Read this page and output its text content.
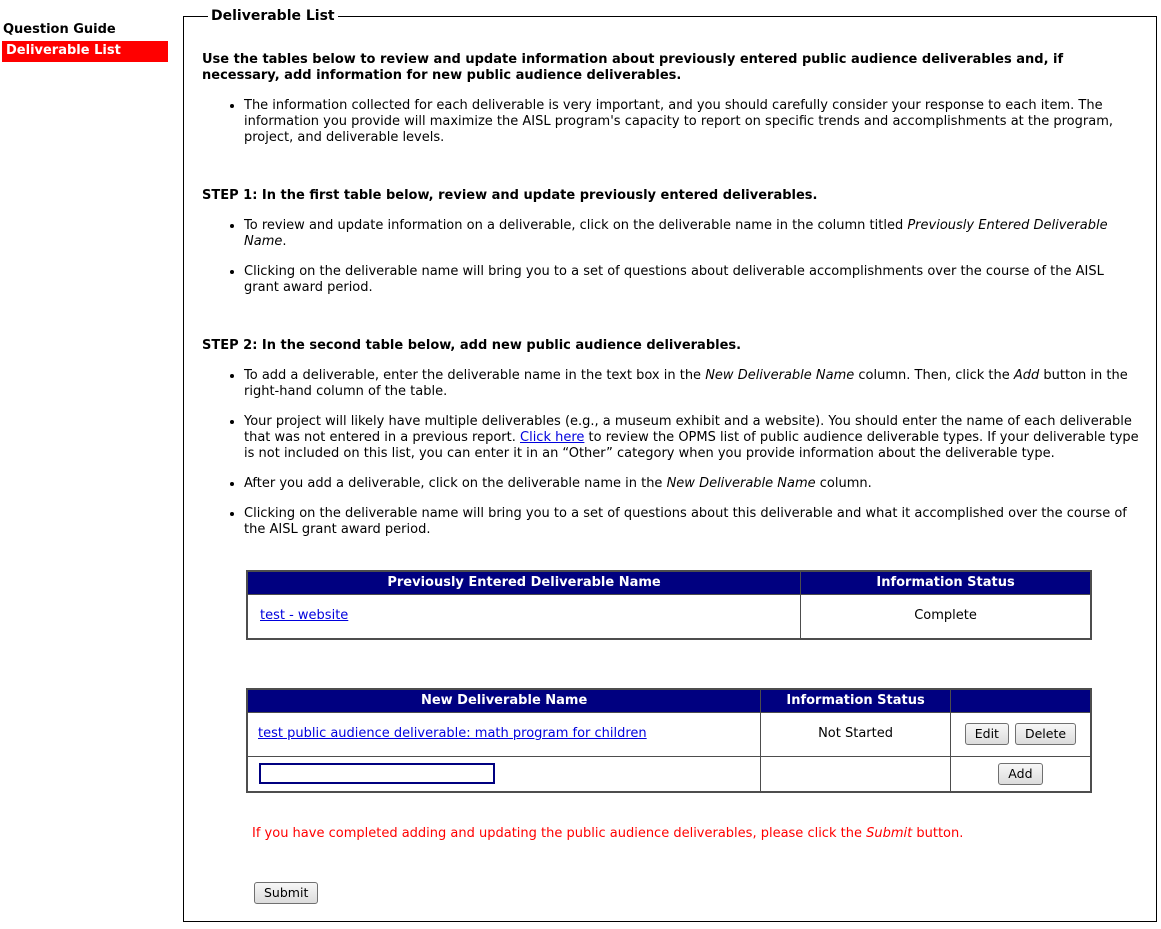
Question Guide
Deliverable List
Deliverable List

Use the tables below to review and update information about previously entered public audience deliverables and, if necessary, add information for new public audience deliverables.

• The information collected for each deliverable is very important, and you should carefully consider your response to each item. The information you provide will maximize the AISL program's capacity to report on specific trends and accomplishments at the program, project, and deliverable levels.

STEP 1: In the first table below, review and update previously entered deliverables.

• To review and update information on a deliverable, click on the deliverable name in the column titled Previously Entered Deliverable Name.
• Clicking on the deliverable name will bring you to a set of questions about deliverable accomplishments over the course of the AISL grant award period.

STEP 2: In the second table below, add new public audience deliverables.

• To add a deliverable, enter the deliverable name in the text box in the New Deliverable Name column. Then, click the Add button in the right-hand column of the table.
• Your project will likely have multiple deliverables (e.g., a museum exhibit and a website). You should enter the name of each deliverable that was not entered in a previous report. Click here to review the OPMS list of public audience deliverable types. If your deliverable type is not included on this list, you can enter it in an “Other” category when you provide information about the deliverable type.
• After you add a deliverable, click on the deliverable name in the New Deliverable Name column.
• Clicking on the deliverable name will bring you to a set of questions about this deliverable and what it accomplished over the course of the AISL grant award period.
Previously Entered Deliverable Name	Information Status
test - website	Complete
New Deliverable Name	Information Status	
test public audience deliverable: math program for children	Not Started	Edit Delete
		Add

If you have completed adding and updating the public audience deliverables, please click the Submit button.

Submit
